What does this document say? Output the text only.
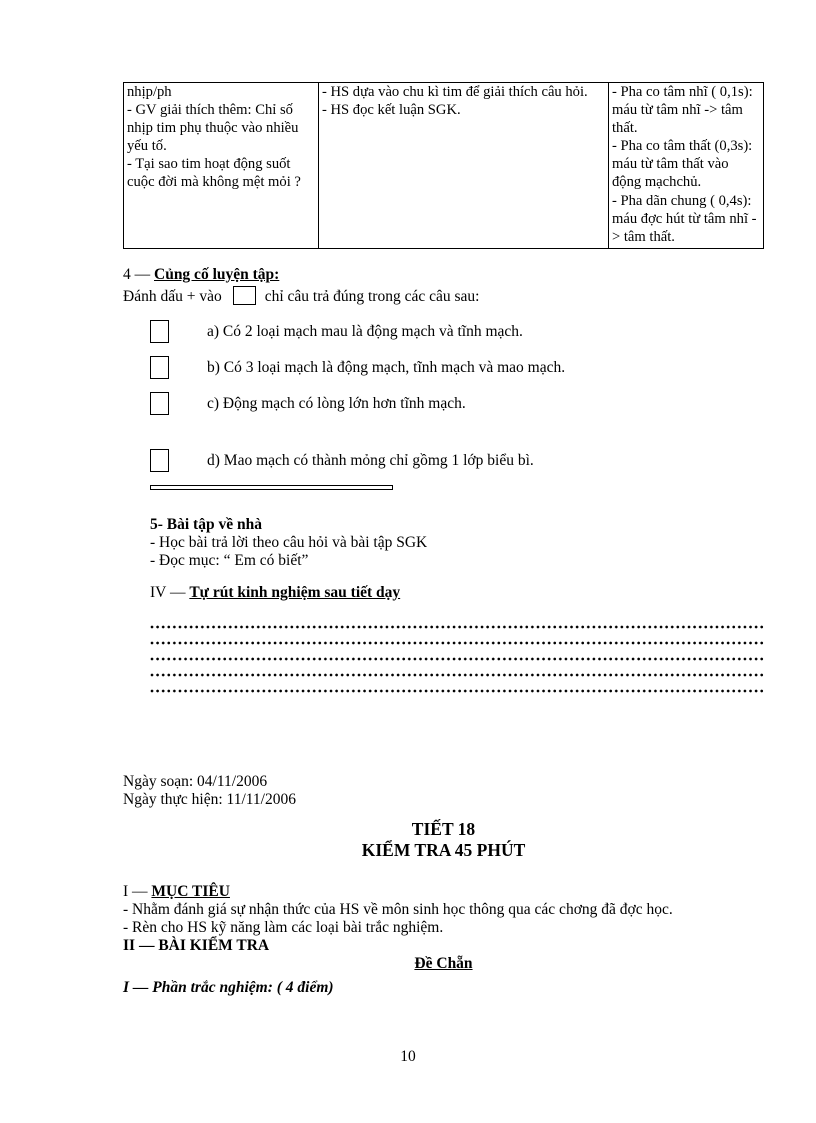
nhịp/ph

- GV giải thích thêm: Chỉ số nhịp tim phụ thuộc vào nhiều yếu tố.

- Tại sao tim hoạt động suốt cuộc đời mà không mệt mỏi ?

- HS dựa vào chu kì tim để giải thích câu hỏi.

- HS đọc kết luận SGK.

- Pha co tâm nhĩ ( 0,1s): máu từ tâm nhĩ -> tâm thất.

- Pha co tâm thất (0,3s): máu từ tâm thất vào động mạchchủ.

- Pha dãn chung ( 0,4s): máu đợc hút từ tâm nhĩ -> tâm thất.

4 — Củng cố luyện tập:
Đánh dấu + vào	chỉ câu trả đúng trong các câu sau:
a) Có 2 loại mạch mau là động mạch và tĩnh mạch.
b) Có 3 loại mạch là động mạch, tĩnh mạch và mao mạch.
c) Động mạch có lòng lớn hơn tĩnh mạch.
d) Mao mạch có thành mỏng chỉ gồmg 1 lớp biểu bì.
5- Bài tập về nhà
- Học bài trả lời theo câu hỏi và bài tập SGK
- Đọc mục: “ Em có biết”
IV — Tự rút kinh nghiệm sau tiết dạy
Ngày soạn: 04/11/2006
Ngày thực hiện: 11/11/2006
TIẾT 18
KIỂM TRA 45 PHÚT
I — MỤC TIÊU
- Nhằm đánh giá sự nhận thức của HS về môn sinh học thông qua các chơng đã đợc học.
- Rèn cho HS kỹ năng làm các loại bài trắc nghiệm.
II — BÀI KIỂM TRA
Đề Chẵn
I — Phần trắc nghiệm: ( 4 điểm)
10
